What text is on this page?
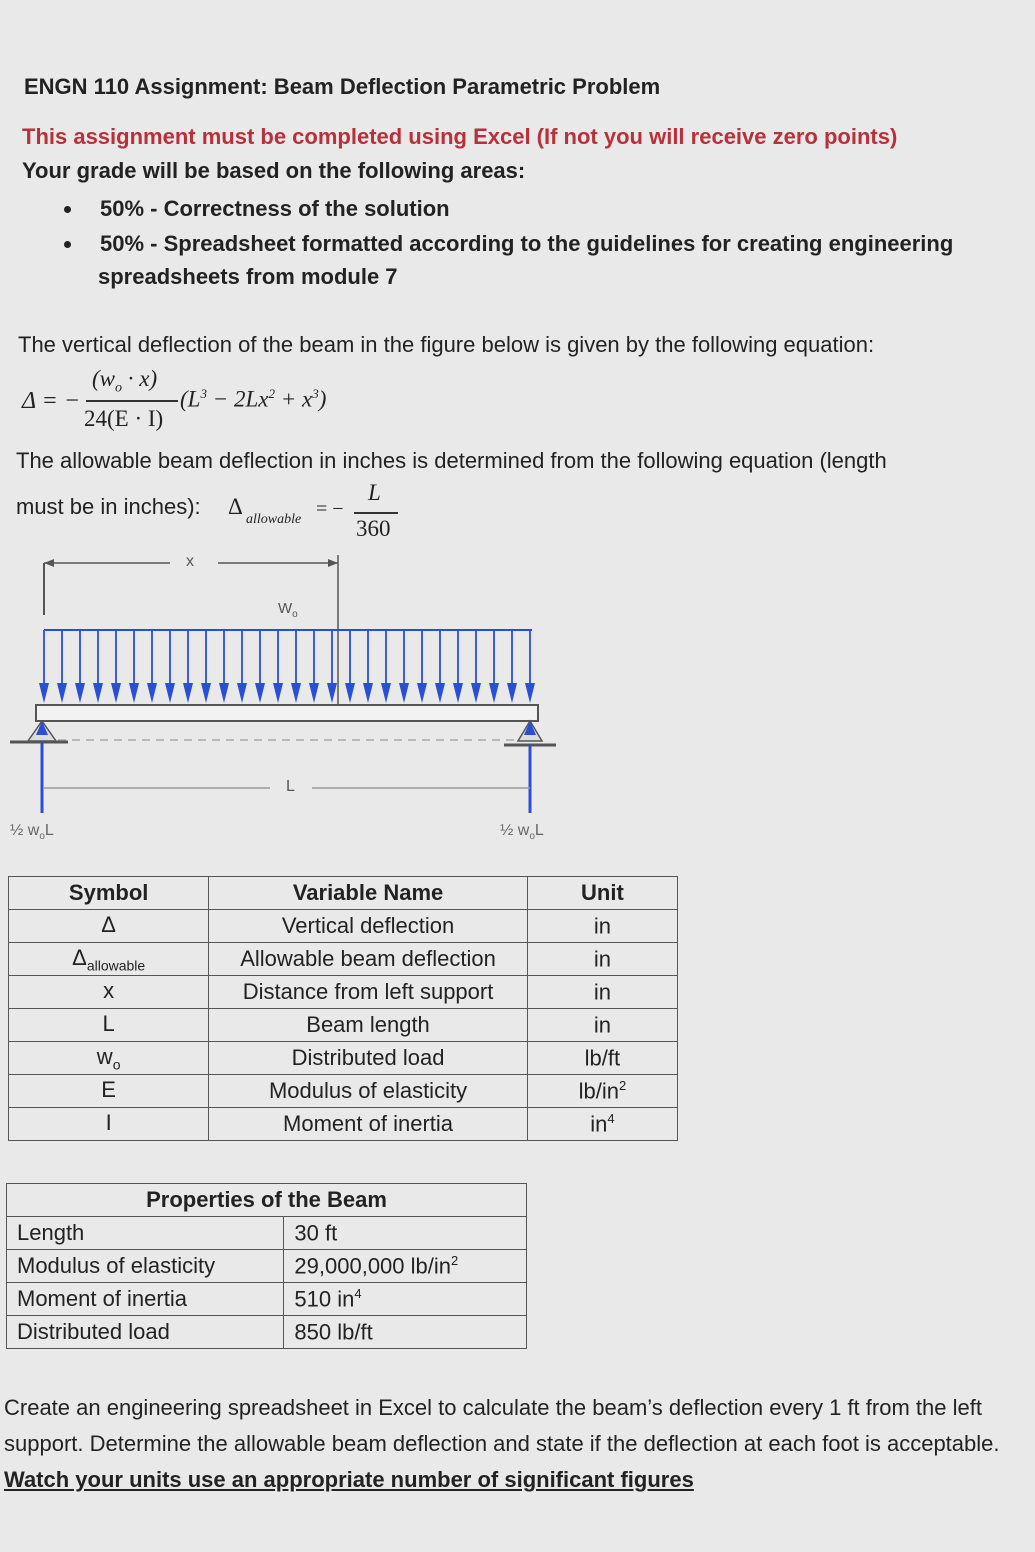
ENGN 110 Assignment: Beam Deflection Parametric Problem
This assignment must be completed using Excel (If not you will receive zero points)
Your grade will be based on the following areas:
50% - Correctness of the solution
50% - Spreadsheet formatted according to the guidelines for creating engineering
spreadsheets from module 7
The vertical deflection of the beam in the figure below is given by the following equation:
Δ = −
$(w_o \cdot x)$
24(E · I)
$(L^3 - 2Lx^2 + x^3)$
The allowable beam deflection in inches is determined from the following equation (length
must be in inches): Δ
allowable = −
L
360
x
$W_o$
L
½ $w_oL$	½ $w_oL$
Symbol	Variable Name	Unit
Δ	Vertical deflection	in
$\Delta_{allowable}$	Allowable beam deflection	in
x	Distance from left support	in
L	Beam length	in
$w_o$	Distributed load	lb/ft
E	Modulus of elasticity	$lb/in^2$
I	Moment of inertia	$in^4$
Properties of the Beam	
Length	30 ft
Modulus of elasticity	29,000,000 $lb/in^2$
Moment of inertia	510 $in^4$
Distributed load	850 lb/ft
Create an engineering spreadsheet in Excel to calculate the beam’s deflection every 1 ft from the left support. Determine the allowable beam deflection and state if the deflection at each foot is acceptable. Watch your units use an appropriate number of significant figures
